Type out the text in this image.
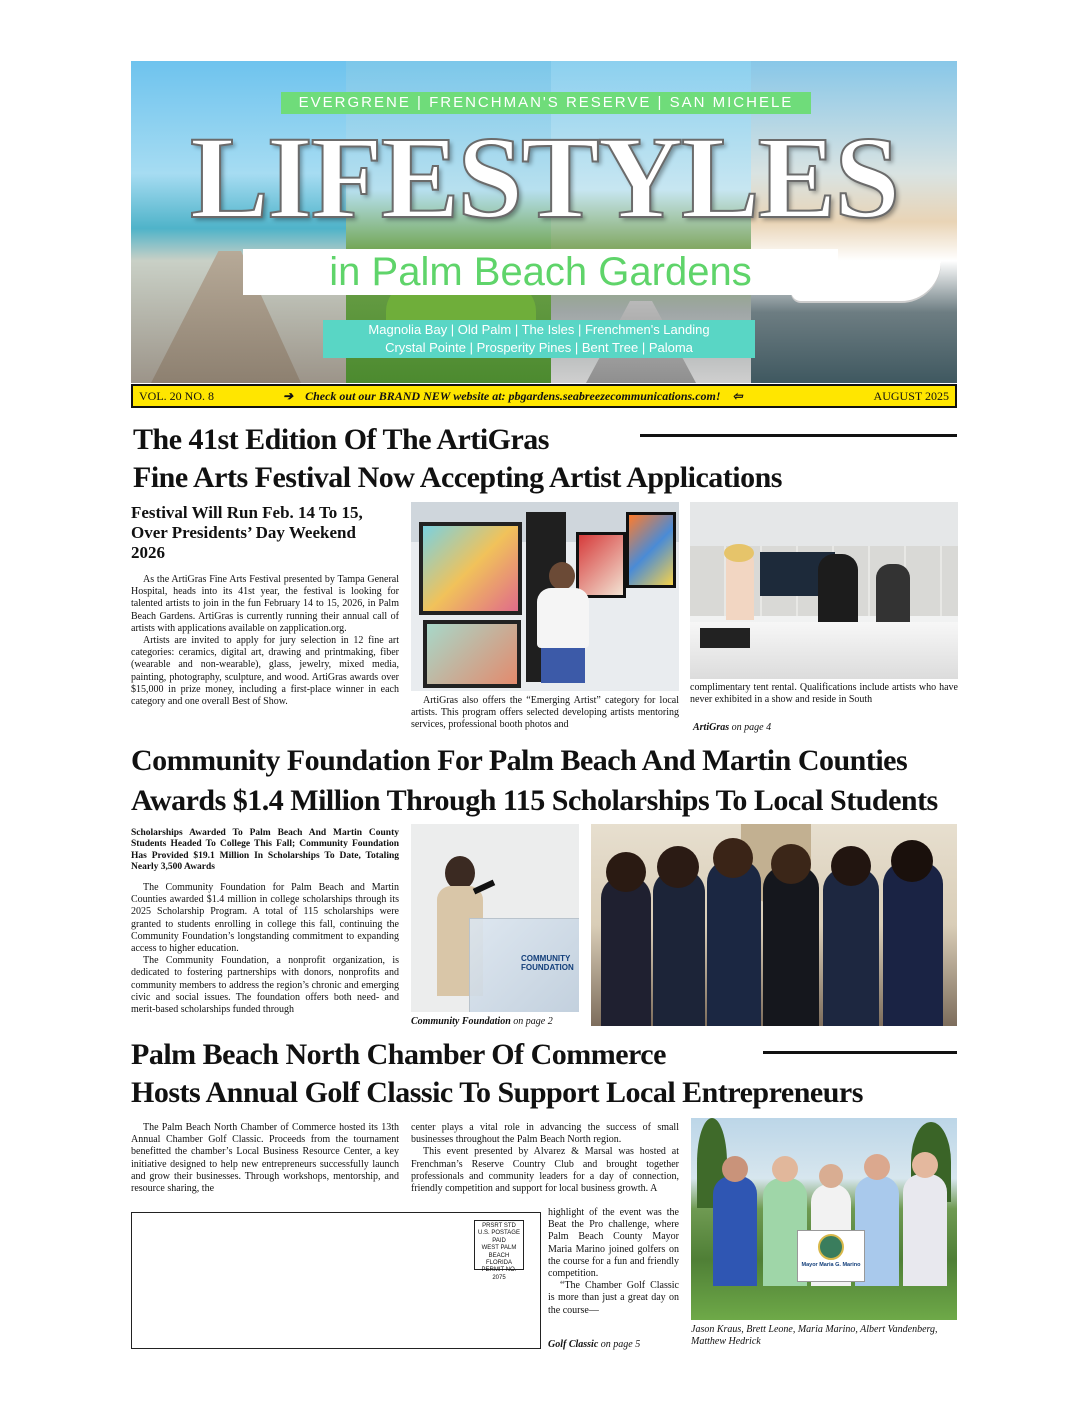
EVERGRENE | FRENCHMAN'S RESERVE | SAN MICHELE
LIFESTYLES
in Palm Beach Gardens
Magnolia Bay | Old Palm | The Isles | Frenchmen's Landing
Crystal Pointe | Prosperity Pines | Bent Tree | Paloma
VOL. 20 NO. 8	➔ Check out our BRAND NEW website at: pbgardens.seabreezecommunications.com! ⇦	AUGUST 2025
The 41st Edition Of The ArtiGras
Fine Arts Festival Now Accepting Artist Applications
Festival Will Run Feb. 14 To 15, Over Presidents’ Day Weekend 2026

As the ArtiGras Fine Arts Festival presented by Tampa General Hospital, heads into its 41st year, the festival is looking for talented artists to join in the fun February 14 to 15, 2026, in Palm Beach Gardens. ArtiGras is currently running their annual call of artists with applications available on zapplication.org.

Artists are invited to apply for jury selection in 12 fine art categories: ceramics, digital art, drawing and printmaking, fiber (wearable and non-wearable), glass, jewelry, mixed media, painting, photography, sculpture, and wood. ArtiGras awards over $15,000 in prize money, including a first-place winner in each category and one overall Best of Show.	ArtiGras also offers the “Emerging Artist” category for local artists. This program offers selected developing artists mentoring services, professional booth photos and

complimentary tent rental. Qualifications include artists who have never exhibited in a show and reside in South

ArtiGras on page 4
Community Foundation For Palm Beach And Martin Counties
Awards $1.4 Million Through 115 Scholarships To Local Students
Scholarships Awarded To Palm Beach And Martin County Students Headed To College This Fall; Community Foundation Has Provided $19.1 Million In Scholarships To Date, Totaling Nearly 3,500 Awards

The Community Foundation for Palm Beach and Martin Counties awarded $1.4 million in college scholarships through its 2025 Scholarship Program. A total of 115 scholarships were granted to students enrolling in college this fall, continuing the Community Foundation’s longstanding commitment to expanding access to higher education.

The Community Foundation, a nonprofit organization, is dedicated to fostering partnerships with donors, nonprofits and community members to address the region’s chronic and emerging civic and social issues. The foundation offers both need- and merit-based scholarships funded through

COMMUNITY FOUNDATION
Community Foundation on page 2
Palm Beach North Chamber Of Commerce
Hosts Annual Golf Classic To Support Local Entrepreneurs

The Palm Beach North Chamber of Commerce hosted its 13th Annual Chamber Golf Classic. Proceeds from the tournament benefitted the chamber’s Local Business Resource Center, a key initiative designed to help new entrepreneurs successfully launch and grow their businesses. Through workshops, mentorship, and resource sharing, the

center plays a vital role in advancing the success of small businesses throughout the Palm Beach North region.

This event presented by Alvarez & Marsal was hosted at Frenchman’s Reserve Country Club and brought together professionals and community leaders for a day of connection, friendly competition and support for local business growth. A

highlight of the event was the Beat the Pro challenge, where Palm Beach County Mayor Maria Marino joined golfers on the course for a fun and friendly competition.

“The Chamber Golf Classic is more than just a great day on the course—

Golf Classic on page 5
PRSRT STD
U.S. POSTAGE
PAID
WEST PALM BEACH
FLORIDA
PERMIT NO. 2075
Mayor Maria G. Marino
Jason Kraus, Brett Leone, Maria Marino, Albert Vandenberg, Matthew Hedrick
